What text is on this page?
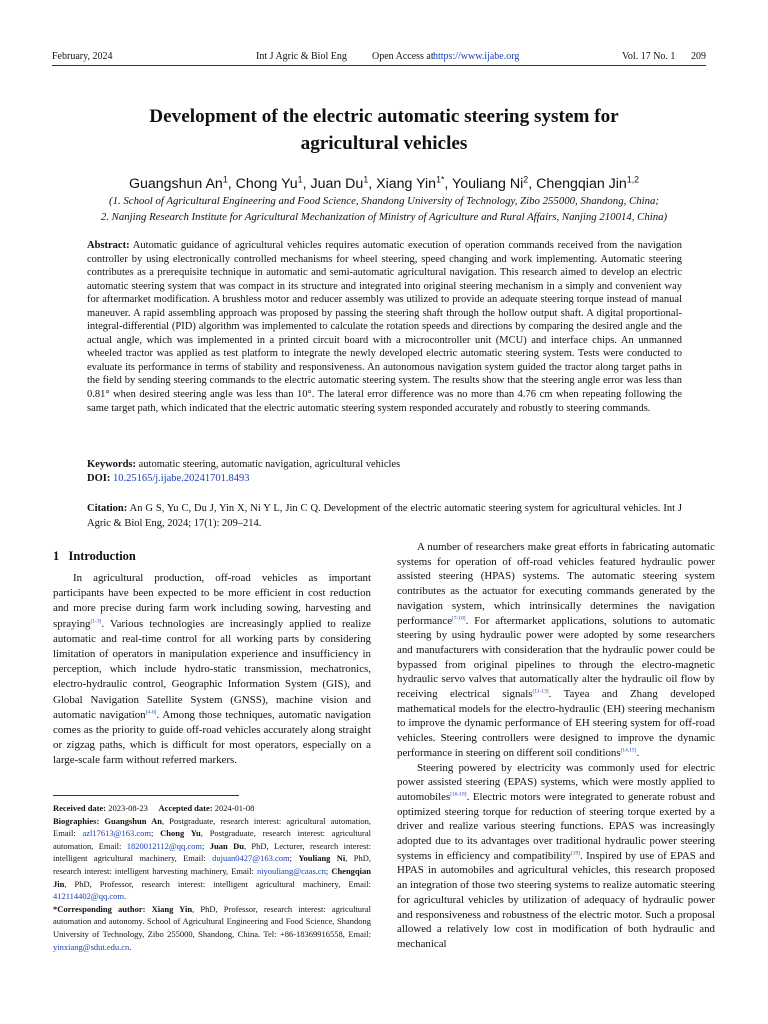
February, 2024	Int J Agric & Biol Eng	Open Access at https://www.ijabe.org	Vol. 17 No. 1 209
Development of the electric automatic steering system for
agricultural vehicles
Guangshun An$^1$, Chong Yu$^1$, Juan Du$^1$, Xiang Yin$^{1*}$, Youliang Ni$^2$, Chengqian Jin$^{1,2}$
(1. School of Agricultural Engineering and Food Science, Shandong University of Technology, Zibo 255000, Shandong, China;
2. Nanjing Research Institute for Agricultural Mechanization of Ministry of Agriculture and Rural Affairs, Nanjing 210014, China)

Abstract: Automatic guidance of agricultural vehicles requires automatic execution of operation commands received from the navigation controller by using electronically controlled mechanisms for wheel steering, speed changing and work implementing. Automatic steering contributes as a prerequisite technique in automatic and semi-automatic agricultural navigation. This research aimed to develop an electric automatic steering system that was compact in its structure and integrated into original steering mechanism in a simply and convenient way for aftermarket modification. A brushless motor and reducer assembly was utilized to provide an adequate steering torque instead of manual maneuver. A rapid assembling approach was proposed by passing the steering shaft through the hollow output shaft. A digital proportional-integral-differential (PID) algorithm was implemented to calculate the rotation speeds and directions by comparing the desired angle and the actual angle, which was implemented in a printed circuit board with a microcontroller unit (MCU) and interface chips. An unmanned wheeled tractor was applied as test platform to integrate the newly developed electric automatic steering system. Tests were conducted to evaluate its performance in terms of stability and responsiveness. An autonomous navigation system guided the tractor along target paths in the field by sending steering commands to the electric automatic steering system. The results show that the steering angle error was less than 0.81° when desired steering angle was less than 10°. The lateral error difference was no more than 4.76 cm when repeating following the same target path, which indicated that the electric automatic steering system responded accurately and robustly to steering commands.

Keywords: automatic steering, automatic navigation, agricultural vehicles

DOI: 10.25165/j.ijabe.20241701.8493

Citation: An G S, Yu C, Du J, Yin X, Ni Y L, Jin C Q. Development of the electric automatic steering system for agricultural vehicles. Int J Agric & Biol Eng, 2024; 17(1): 209–214.

1 Introduction

In agricultural production, off-road vehicles as important participants have been expected to be more efficient in cost reduction and more precise during farm work including sowing, harvesting and spraying[1-3]. Various technologies are increasingly applied to realize automatic and real-time control for all working parts by considering limitation of operators in manipulation experience and insufficiency in perception, which include hydro-static transmission, mechatronics, electro-hydraulic control, Geographic Information System (GIS), and Global Navigation Satellite System (GNSS), machine vision and automatic navigation[4-6]. Among those techniques, automatic navigation comes as the priority to guide off-road vehicles accurately along straight or zigzag paths, which is difficult for most operators, especially on a large-scale farm without referred markers.

Received date: 2023-08-23 Accepted date: 2024-01-08

Biographies: Guangshun An, Postgraduate, research interest: agricultural automation, Email: azl17613@163.com; Chong Yu, Postgraduate, research interest: agricultural automation, Email: 1820012112@qq.com; Juan Du, PhD, Lecturer, research interest: intelligent agricultural machinery, Email: dujuan0427@163.com; Youliang Ni, PhD, research interest: intelligent harvesting machinery, Email: niyouliang@caas.cn; Chengqian Jin, PhD, Professor, research interest: intelligent agricultural machinery, Email: 412114402@qq.com.

*Corresponding author: Xiang Yin, PhD, Professor, research interest: agricultural automation and autonomy. School of Agricultural Engineering and Food Science, Shandong University of Technology, Zibo 255000, Shandong, China. Tel: +86-18369916558, Email: yinxiang@sdut.edu.cn.

A number of researchers make great efforts in fabricating automatic systems for operation of off-road vehicles featured hydraulic power assisted steering (HPAS) systems. The automatic steering system contributes as the actuator for executing commands generated by the navigation system, which intrinsically determines the navigation performance[7-10]. For aftermarket applications, solutions to automatic steering by using hydraulic power were adopted by some researchers and manufacturers with consideration that the hydraulic power could be bypassed from original pipelines to through the electro-magnetic hydraulic servo valves that automatically alter the hydraulic oil flow by receiving electrical signals[11-13]. Tayea and Zhang developed mathematical models for the electro-hydraulic (EH) steering mechanism to improve the dynamic performance of EH steering system for off-road vehicles. Steering controllers were designed to improve the dynamic performance in steering on different soil conditions[14,15].

Steering powered by electricity was commonly used for electric power assisted steering (EPAS) systems, which were mostly applied to automobiles[16-18]. Electric motors were integrated to generate robust and optimized steering torque for reduction of steering torque exerted by a driver and realize various steering functions. EPAS was increasingly adopted due to its advantages over traditional hydraulic power steering systems in efficiency and compatibility[19]. Inspired by use of EPAS and HPAS in automobiles and agricultural vehicles, this research proposed an integration of those two steering systems to realize automatic steering for agricultural vehicles by utilization of adequacy of hydraulic power and responsiveness and robustness of the electric motor. Such a proposal allowed a relatively low cost in modification of both hydraulic and mechanical
